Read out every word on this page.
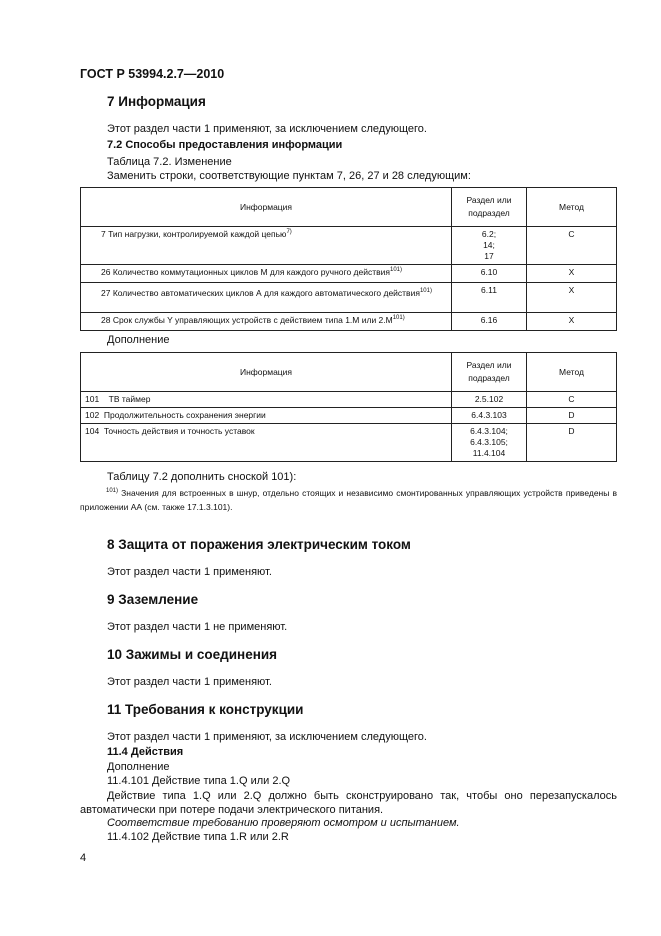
ГОСТ Р 53994.2.7—2010
7 Информация
Этот раздел части 1 применяют, за исключением следующего.
7.2 Способы предоставления информации
Таблица 7.2. Изменение
Заменить строки, соответствующие пунктам 7, 26, 27 и 28 следующим:
Информация	Раздел или подраздел	Метод
7 Тип нагрузки, контролируемой каждой цепью$^{7)}$	6.2;
14;
17	C
26 Количество коммутационных циклов М для каждого ручного действия$^{101)}$	6.10	X
27 Количество автоматических циклов А для каждого автоматического действия$^{101)}$	6.11	X
28 Срок службы Y управляющих устройств с действием типа 1.М или $2.М^{101)}$	6.16	X
Дополнение
Информация	Раздел или подраздел	Метод
101    ТВ таймер	2.5.102	C
102  Продолжительность сохранения энергии	6.4.3.103	D
104  Точность действия и точность уставок	6.4.3.104;
6.4.3.105;
11.4.104	D
Таблицу 7.2 дополнить сноской 101):
$^{101)}$ Значения для встроенных в шнур, отдельно стоящих и независимо смонтированных управляющих устройств приведены в приложении АА (см. также 17.1.3.101).
8 Защита от поражения электрическим током
Этот раздел части 1 применяют.
9 Заземление
Этот раздел части 1 не применяют.
10 Зажимы и соединения
Этот раздел части 1 применяют.
11 Требования к конструкции
Этот раздел части 1 применяют, за исключением следующего.
11.4 Действия
Дополнение
11.4.101 Действие типа 1.Q или 2.Q
Действие типа 1.Q или 2.Q должно быть сконструировано так, чтобы оно перезапускалось автоматически при потере подачи электрического питания.
Соответствие требованию проверяют осмотром и испытанием.
11.4.102 Действие типа 1.R или 2.R
4
